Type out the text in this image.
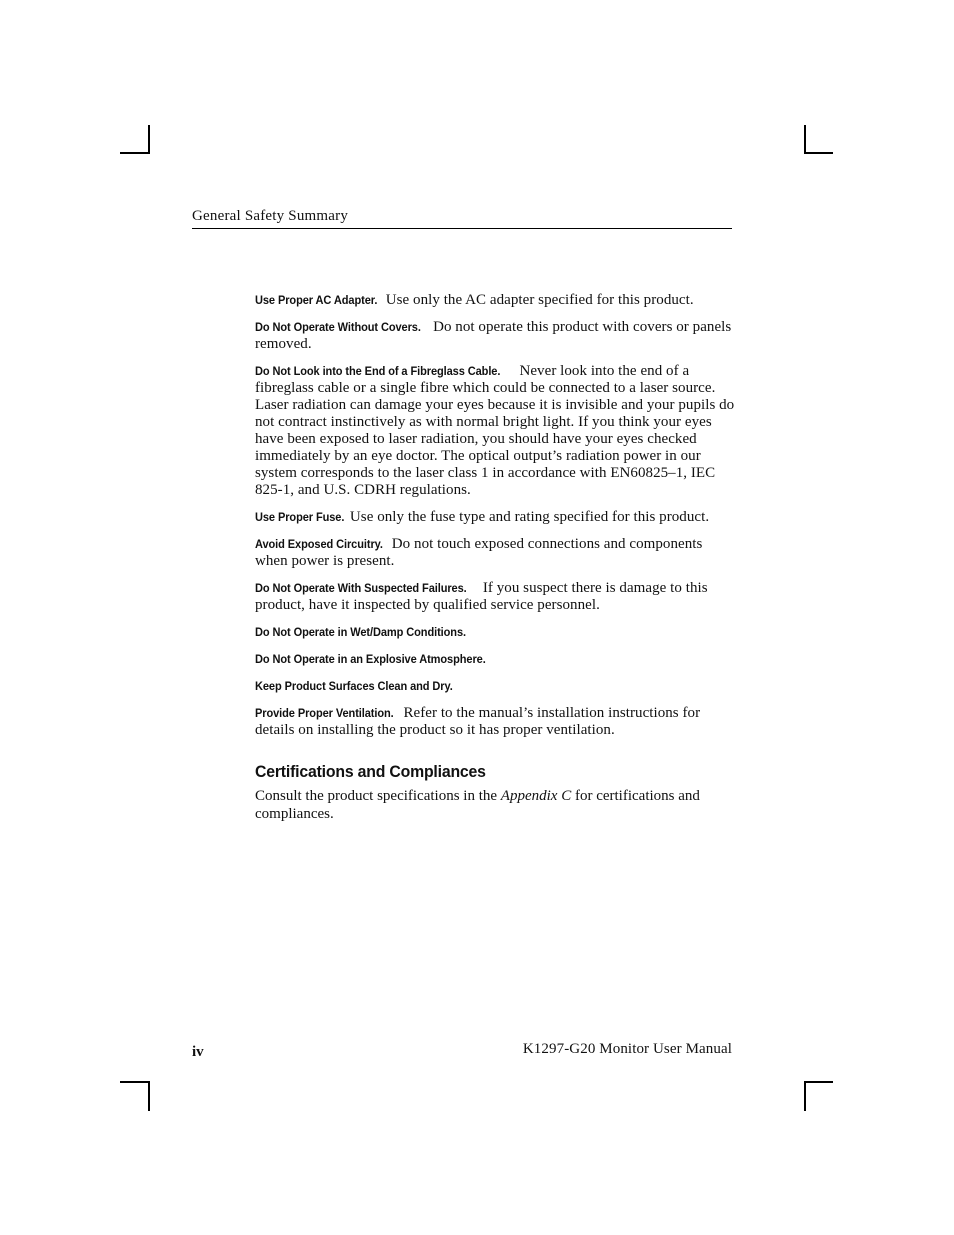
General Safety Summary

Use Proper AC Adapter. Use only the AC adapter specified for this product.

Do Not Operate Without Covers. Do not operate this product with covers or panels removed.

Do Not Look into the End of a Fibreglass Cable. Never look into the end of a fibreglass cable or a single fibre which could be connected to a laser source. Laser radiation can damage your eyes because it is invisible and your pupils do not contract instinctively as with normal bright light. If you think your eyes have been exposed to laser radiation, you should have your eyes checked immediately by an eye doctor. The optical output’s radiation power in our system corresponds to the laser class 1 in accordance with EN60825–1, IEC 825-1, and U.S. CDRH regulations.

Use Proper Fuse. Use only the fuse type and rating specified for this product.

Avoid Exposed Circuitry. Do not touch exposed connections and components when power is present.

Do Not Operate With Suspected Failures. If you suspect there is damage to this product, have it inspected by qualified service personnel.

Do Not Operate in Wet/Damp Conditions.

Do Not Operate in an Explosive Atmosphere.

Keep Product Surfaces Clean and Dry.

Provide Proper Ventilation. Refer to the manual’s installation instructions for details on installing the product so it has proper ventilation.

Certifications and Compliances

Consult the product specifications in the Appendix C for certifications and compliances.

iv	K1297-G20 Monitor User Manual
